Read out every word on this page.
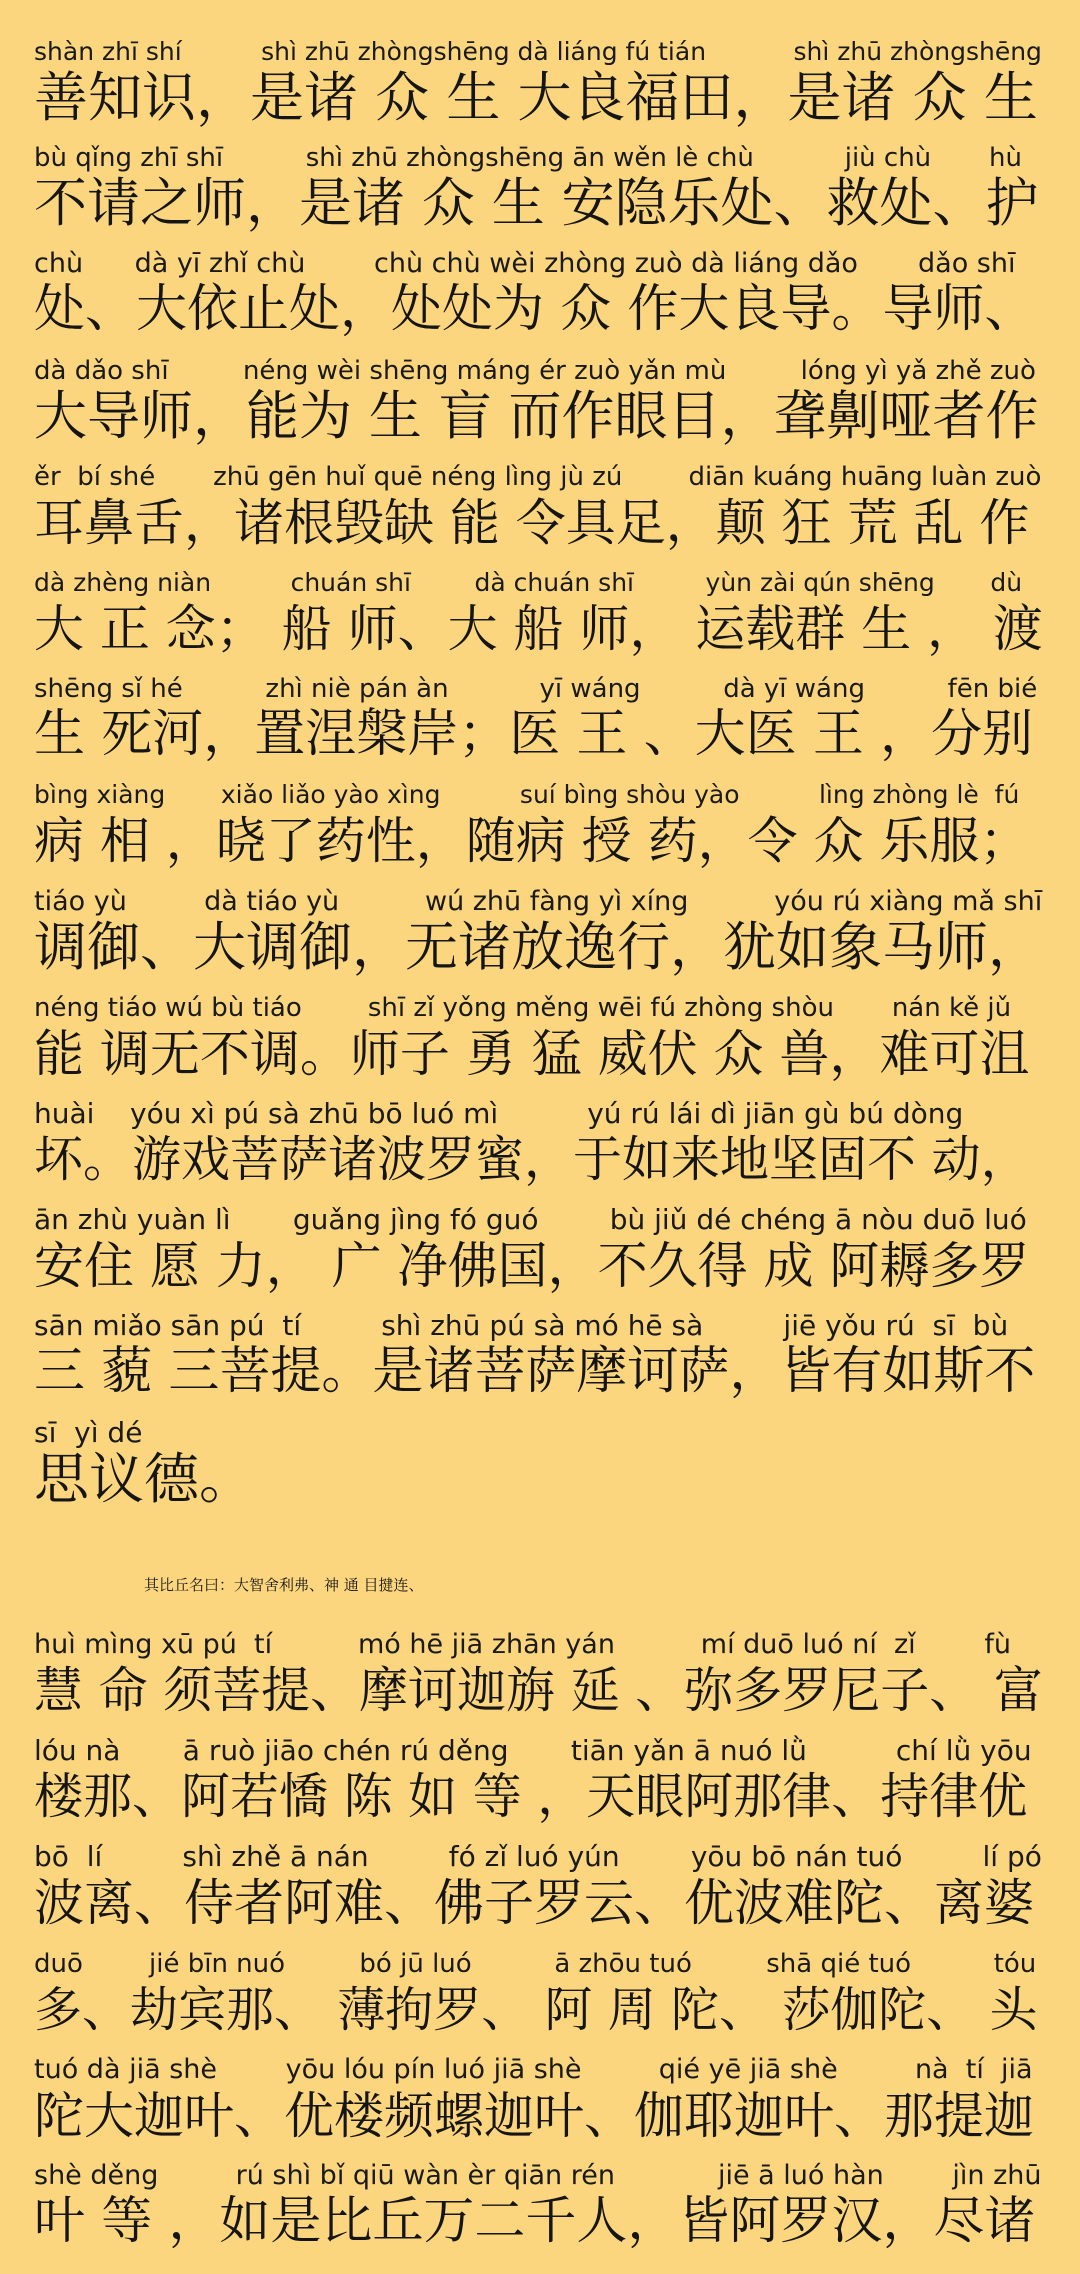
shàn zhī shí          shì zhū zhòngshēng dà liáng fú tián           shì zhū zhòngshēng
善知识，是诸 众 生 大良福田，是诸 众 生
bù qǐng zhī shī          shì zhū zhòngshēng ān wěn lè chù           jiù chù       hù
不请之师，是诸 众 生 安隐乐处、救处、护
chù      dà yī zhǐ chù        chù chù wèi zhòng zuò dà liáng dǎo       dǎo shī
处、大依止处，处处为 众 作大良导。导师、
dà dǎo shī         néng wèi shēng máng ér zuò yǎn mù         lóng yì yǎ zhě zuò
大导师，能为 生 盲 而作眼目，聋劓哑者作
ěr  bí shé       zhū gēn huǐ quē néng lìng jù zú        diān kuáng huāng luàn zuò
耳鼻舌，诸根毁缺 能 令具足，颠 狂 荒 乱 作
dà zhèng niàn          chuán shī        dà chuán shī         yùn zài qún shēng       dù
大 正 念； 船 师、大 船 师， 运载群 生 ， 渡
shēng sǐ hé          zhì niè pán àn           yī wáng          dà yī wáng          fēn bié
生 死河，置涅槃岸；医 王 、大医 王 ，分别
bìng xiàng       xiǎo liǎo yào xìng          suí bìng shòu yào          lìng zhòng lè  fú
病 相 ，晓了药性，随病 授 药，令 众 乐服；
tiáo yù         dà tiáo yù          wú zhū fàng yì xíng          yóu rú xiàng mǎ shī
调御、大调御，无诸放逸行，犹如象马师，
néng tiáo wú bù tiáo        shī zǐ yǒng měng wēi fú zhòng shòu       nán kě jǔ
能 调无不调。师子 勇 猛 威伏 众 兽，难可沮
huài    yóu xì pú sà zhū bō luó mì          yú rú lái dì jiān gù bú dòng
坏。游戏菩萨诸波罗蜜，于如来地坚固不 动，
ān zhù yuàn lì       guǎng jìng fó guó        bù jiǔ dé chéng ā nòu duō luó
安住 愿 力， 广 净佛国，不久得 成 阿耨多罗
sān miǎo sān pú  tí         shì zhū pú sà mó hē sà         jiē yǒu rú  sī  bù
三 藐 三菩提。是诸菩萨摩诃萨，皆有如斯不
sī  yì dé
思议德。
其比丘名曰：大智舍利弗、神 通 目揵连、
huì mìng xū pú  tí          mó hē jiā zhān yán          mí duō luó ní  zǐ        fù
慧 命 须菩提、摩诃迦旃 延 、弥多罗尼子、 富
lóu nà       ā ruò jiāo chén rú děng       tiān yǎn ā nuó lǜ          chí lǜ yōu
楼那、阿若憍 陈 如 等 ，天眼阿那律、持律优
bō  lí         shì zhě ā nán         fó zǐ luó yún        yōu bō nán tuó         lí pó
波离、侍者阿难、佛子罗云、优波难陀、离婆
duō        jié bīn nuó         bó jū luó          ā zhōu tuó         shā qié tuó          tóu
多、劫宾那、 薄拘罗、 阿 周 陀、 莎伽陀、 头
tuó dà jiā shè        yōu lóu pín luó jiā shè         qié yē jiā shè         nà  tí  jiā
陀大迦叶、优楼频螺迦叶、伽耶迦叶、那提迦
shè děng         rú shì bǐ qiū wàn èr qiān rén            jiē ā luó hàn        jìn zhū
叶 等 ，如是比丘万二千人，皆阿罗汉，尽诸
